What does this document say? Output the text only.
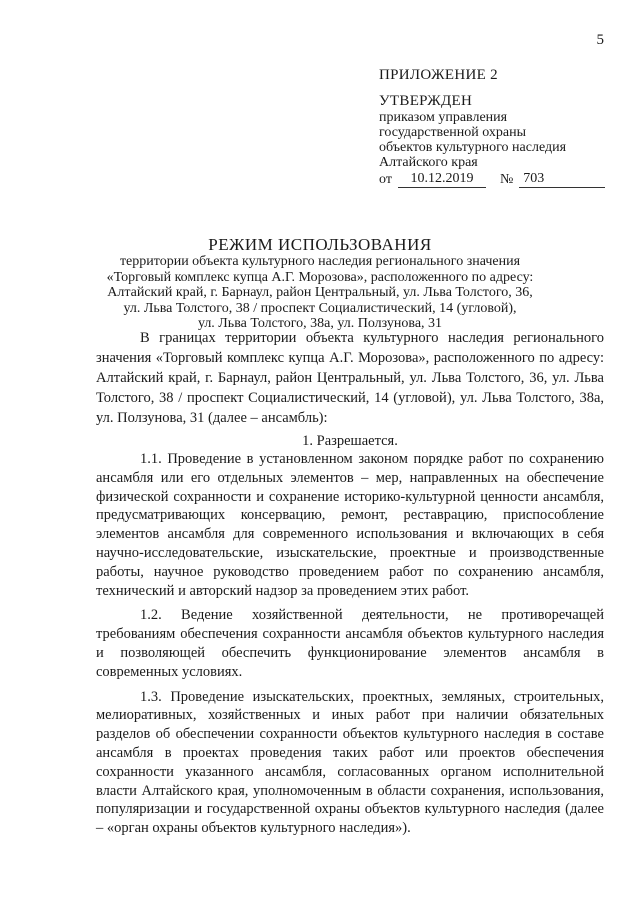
5
ПРИЛОЖЕНИЕ 2
УТВЕРЖДЕН
приказом управления
государственной охраны
объектов культурного наследия
Алтайского края
от	10.12.2019	№ 703
РЕЖИМ ИСПОЛЬЗОВАНИЯ
территории объекта культурного наследия регионального значения
«Торговый комплекс купца А.Г. Морозова», расположенного по адресу:
Алтайский край, г. Барнаул, район Центральный, ул. Льва Толстого, 36,
ул. Льва Толстого, 38 / проспект Социалистический, 14 (угловой),
ул. Льва Толстого, 38а, ул. Ползунова, 31

В границах территории объекта культурного наследия регионального значения «Торговый комплекс купца А.Г. Морозова», расположенного по адресу: Алтайский край, г. Барнаул, район Центральный, ул. Льва Толстого, 36, ул. Льва Толстого, 38 / проспект Социалистический, 14 (угловой), ул. Льва Толстого, 38а, ул. Ползунова, 31 (далее – ансамбль):

1. Разрешается.

1.1. Проведение в установленном законом порядке работ по сохранению ансамбля или его отдельных элементов – мер, направленных на обеспечение физической сохранности и сохранение историко-культурной ценности ансамбля, предусматривающих консервацию, ремонт, реставрацию, приспособление элементов ансамбля для современного использования и включающих в себя научно-исследовательские, изыскательские, проектные и производственные работы, научное руководство проведением работ по сохранению ансамбля, технический и авторский надзор за проведением этих работ.

1.2. Ведение хозяйственной деятельности, не противоречащей требованиям обеспечения сохранности ансамбля объектов культурного наследия и позволяющей обеспечить функционирование элементов ансамбля в современных условиях.

1.3. Проведение изыскательских, проектных, земляных, строительных, мелиоративных, хозяйственных и иных работ при наличии обязательных разделов об обеспечении сохранности объектов культурного наследия в составе ансамбля в проектах проведения таких работ или проектов обеспечения сохранности указанного ансамбля, согласованных органом исполнительной власти Алтайского края, уполномоченным в области сохранения, использования, популяризации и государственной охраны объектов культурного наследия (далее – «орган охраны объектов культурного наследия»).
